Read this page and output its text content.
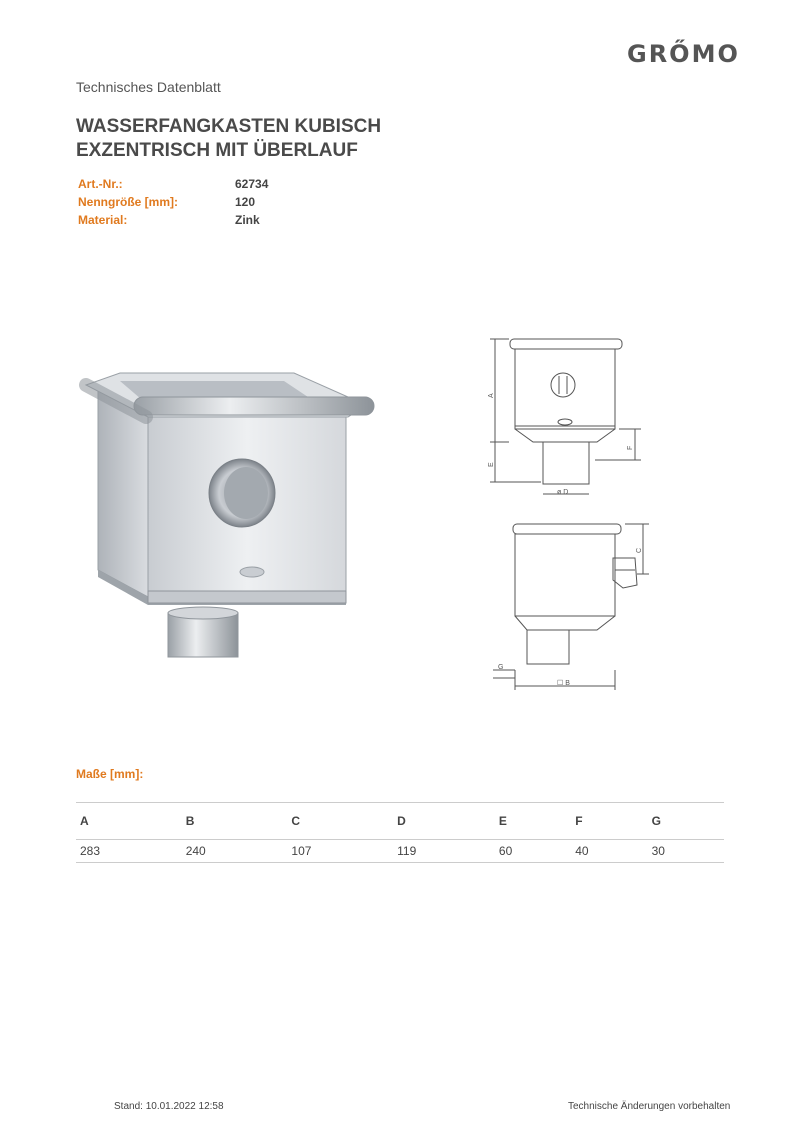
GRŐMO
Technisches Datenblatt
WASSERFANGKASTEN KUBISCH
EXZENTRISCH MIT ÜBERLAUF
Art.-Nr.:	62734
Nenngröße [mm]:	120
Material:	Zink
A
E
ø D
F
C
☐ B
G
Maße [mm]:
A	B	C	D	E	F	G
283	240	107	119	60	40	30
Stand: 10.01.2022 12:58	Technische Änderungen vorbehalten
